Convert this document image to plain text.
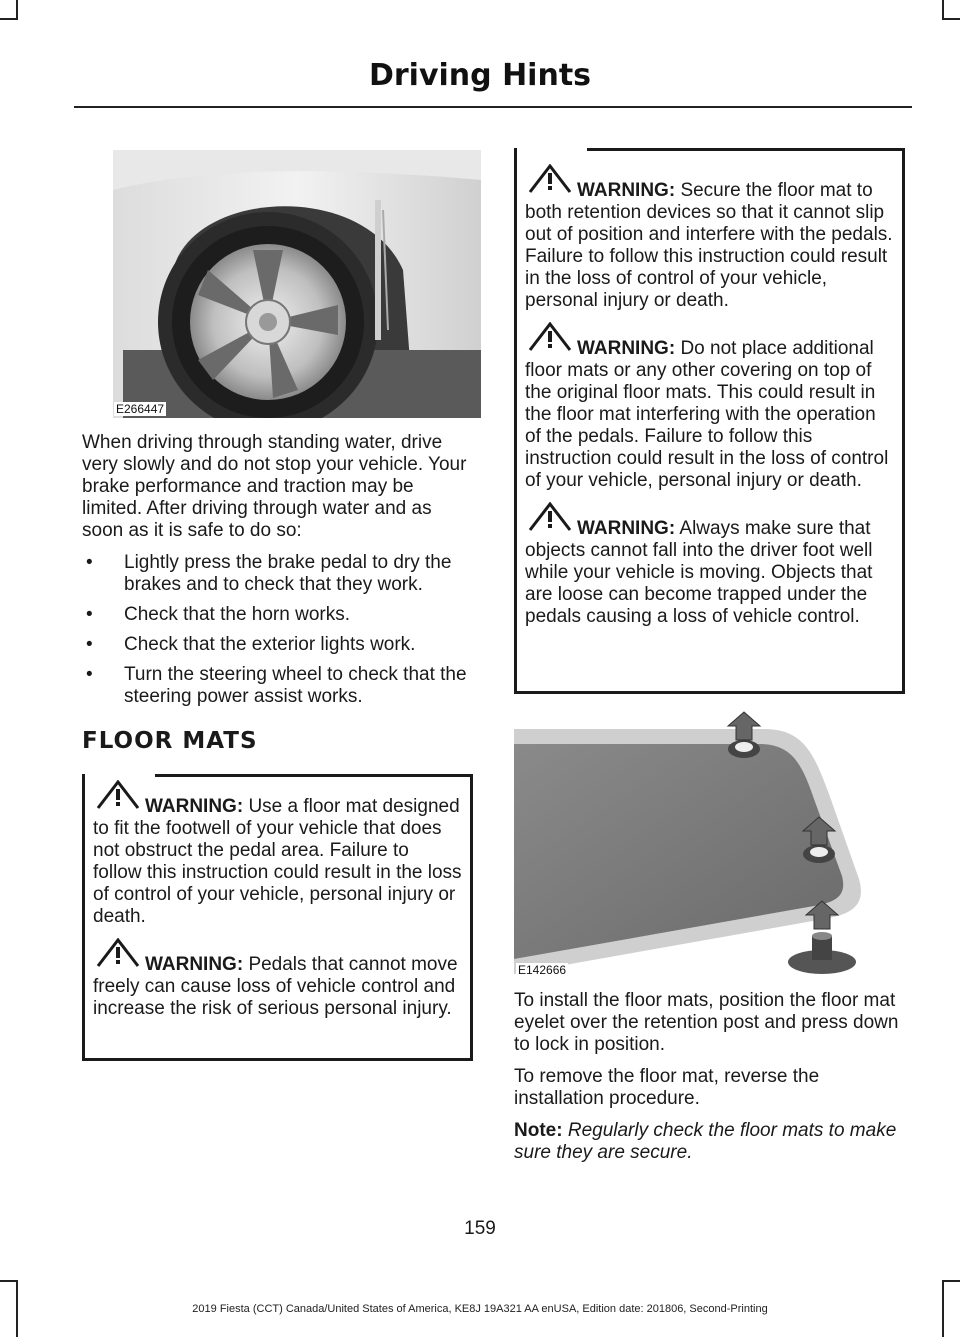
Driving Hints
E266447

When driving through standing water, drive very slowly and do not stop your vehicle. Your brake performance and traction may be limited. After driving through water and as soon as it is safe to do so:

• Lightly press the brake pedal to dry the brakes and to check that they work.
• Check that the horn works.
• Check that the exterior lights work.
• Turn the steering wheel to check that the steering power assist works.
FLOOR MATS
WARNING: Use a floor mat designed to fit the footwell of your vehicle that does not obstruct the pedal area. Failure to follow this instruction could result in the loss of control of your vehicle, personal injury or death.
WARNING: Pedals that cannot move freely can cause loss of vehicle control and increase the risk of serious personal injury.
WARNING: Secure the floor mat to both retention devices so that it cannot slip out of position and interfere with the pedals. Failure to follow this instruction could result in the loss of control of your vehicle, personal injury or death.
WARNING: Do not place additional floor mats or any other covering on top of the original floor mats. This could result in the floor mat interfering with the operation of the pedals. Failure to follow this instruction could result in the loss of control of your vehicle, personal injury or death.
WARNING: Always make sure that objects cannot fall into the driver foot well while your vehicle is moving. Objects that are loose can become trapped under the pedals causing a loss of vehicle control.
E142666

To install the floor mats, position the floor mat eyelet over the retention post and press down to lock in position.

To remove the floor mat, reverse the installation procedure.

Note: Regularly check the floor mats to make sure they are secure.

159
2019 Fiesta (CCT) Canada/United States of America, KE8J 19A321 AA enUSA, Edition date: 201806, Second-Printing
